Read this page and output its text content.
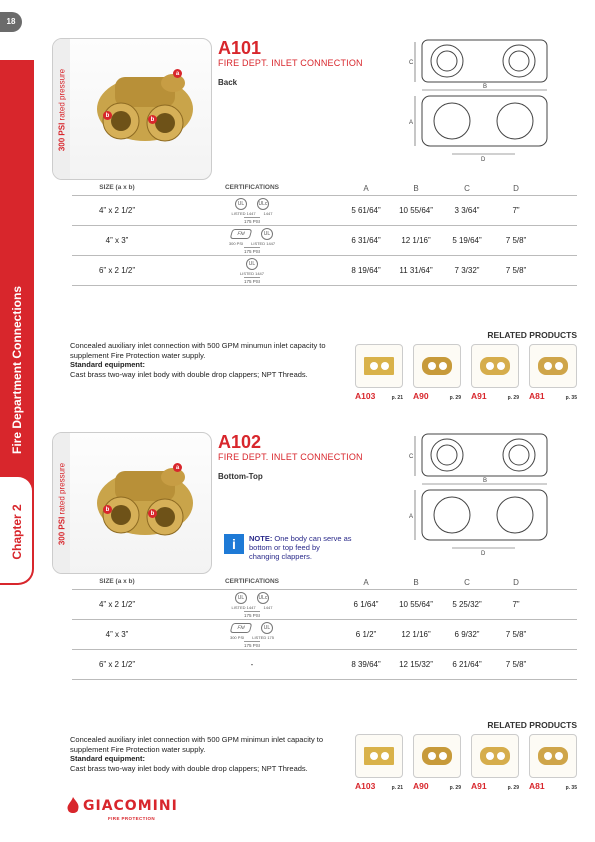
Fire Department Connections
Chapter 2
18
300 PSI rated pressure	a
b
b
A101
FIRE DEPT. INLET CONNECTION
Back
C
B
A
D
SIZE (a x b)	CERTIFICATIONS	A	B	C	D
4” x 2 1/2”
UL	ULc
LISTED 1447 1447
175 PSI
5 61/64”	10 55/64”	3 3/64”	7”
4” x 3”
FM	UL
300 PSI LISTED 1447
175 PSI
6 31/64”	12 1/16”	5 19/64”	7 5/8”
6” x 2 1/2”
UL
LISTED 1447
175 PSI
8 19/64”	11 31/64”	7 3/32”	7 5/8”
Concealed auxiliary inlet connection with 500 GPM minumun inlet capacity to supplement Fire Protection water supply.
Standard equipment:
Cast brass two-way inlet body with double drop clappers; NPT Threads.
RELATED PRODUCTS
A103	p. 21 A90	p. 29 A91	p. 29 A81	p. 35
300 PSI rated pressure	a
b
b
A102
FIRE DEPT. INLET CONNECTION
Bottom-Top
C
B
A
D
i	NOTE: One body can serve as bottom or top feed by changing clappers.
SIZE (a x b)	CERTIFICATIONS	A	B	C	D
4” x 2 1/2”
UL	ULc
LISTED 1447 1447
175 PSI
6 1/64”	10 55/64”	5 25/32”	7”
4” x 3”
FM	UL
300 PSI LISTED 175
175 PSI
6 1/2”	12 1/16”	6 9/32”	7 5/8”
6” x 2 1/2”	-	8 39/64”	12 15/32”	6 21/64”	7 5/8”
Concealed auxiliary inlet connection with 500 GPM minimun inlet capacity to supplement Fire Protection water supply.
Standard equipment:
Cast brass two-way inlet body with double drop clappers; NPT Threads.
RELATED PRODUCTS
A103	p. 21 A90	p. 29 A91	p. 29 A81	p. 35
GIACOMINI
FIRE PROTECTION
